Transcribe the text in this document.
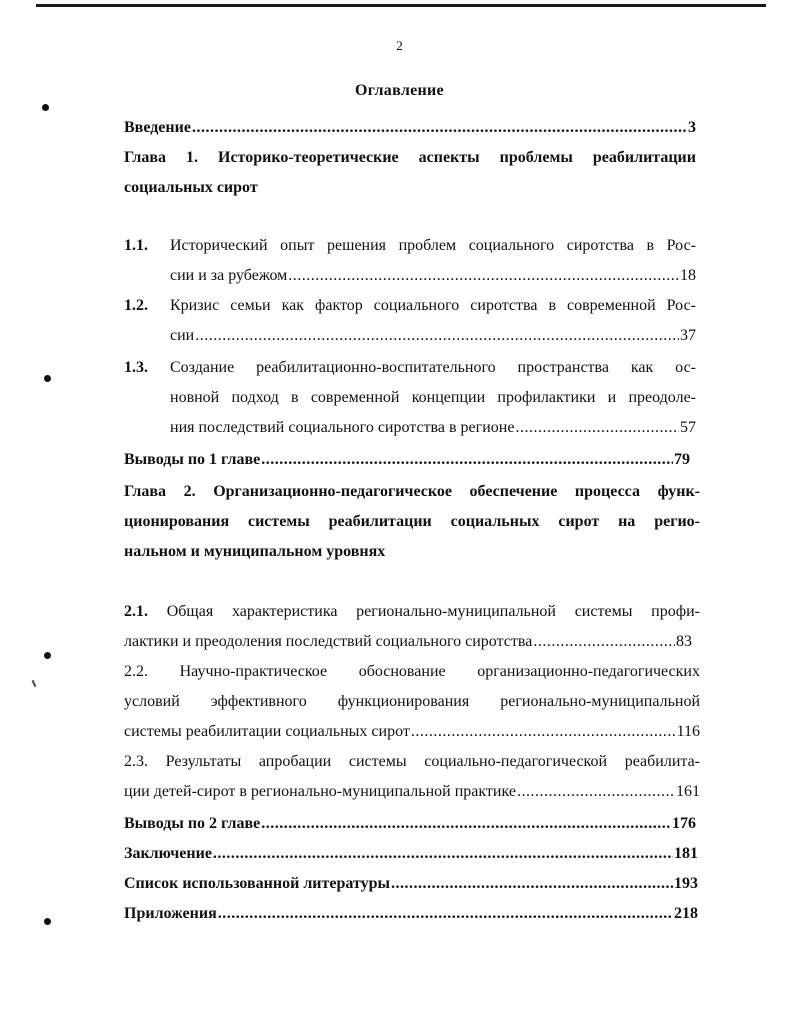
2
Оглавление
Введение .....	3
Глава 1. Историко-теоретические аспекты проблемы реабилитации
социальных сирот
1.1. Исторический опыт решения проблем социального сиротства в Рос-
сии и за рубежом .....	18
1.2. Кризис семьи как фактор социального сиротства в современной Рос-
сии .....	37
1.3. Создание реабилитационно-воспитательного пространства как ос-
новной подход в современной концепции профилактики и преодоле-
ния последствий социального сиротства в регионе .....	57
Выводы по 1 главе .....	79
Глава 2. Организационно-педагогическое обеспечение процесса функ-
ционирования системы реабилитации социальных сирот на регио-
нальном и муниципальном уровнях
2.1. Общая характеристика регионально-муниципальной системы профи-
лактики и преодоления последствий социального сиротства .....	83
2.2. Научно-практическое обоснование организационно-педагогических
условий эффективного функционирования регионально-муниципальной
системы реабилитации социальных сирот .....	116
2.3. Результаты апробации системы социально-педагогической реабилита-
ции детей-сирот в регионально-муниципальной практике .....	161
Выводы по 2 главе .....	176
Заключение .....	181
Список использованной литературы .....	193
Приложения .....	218
